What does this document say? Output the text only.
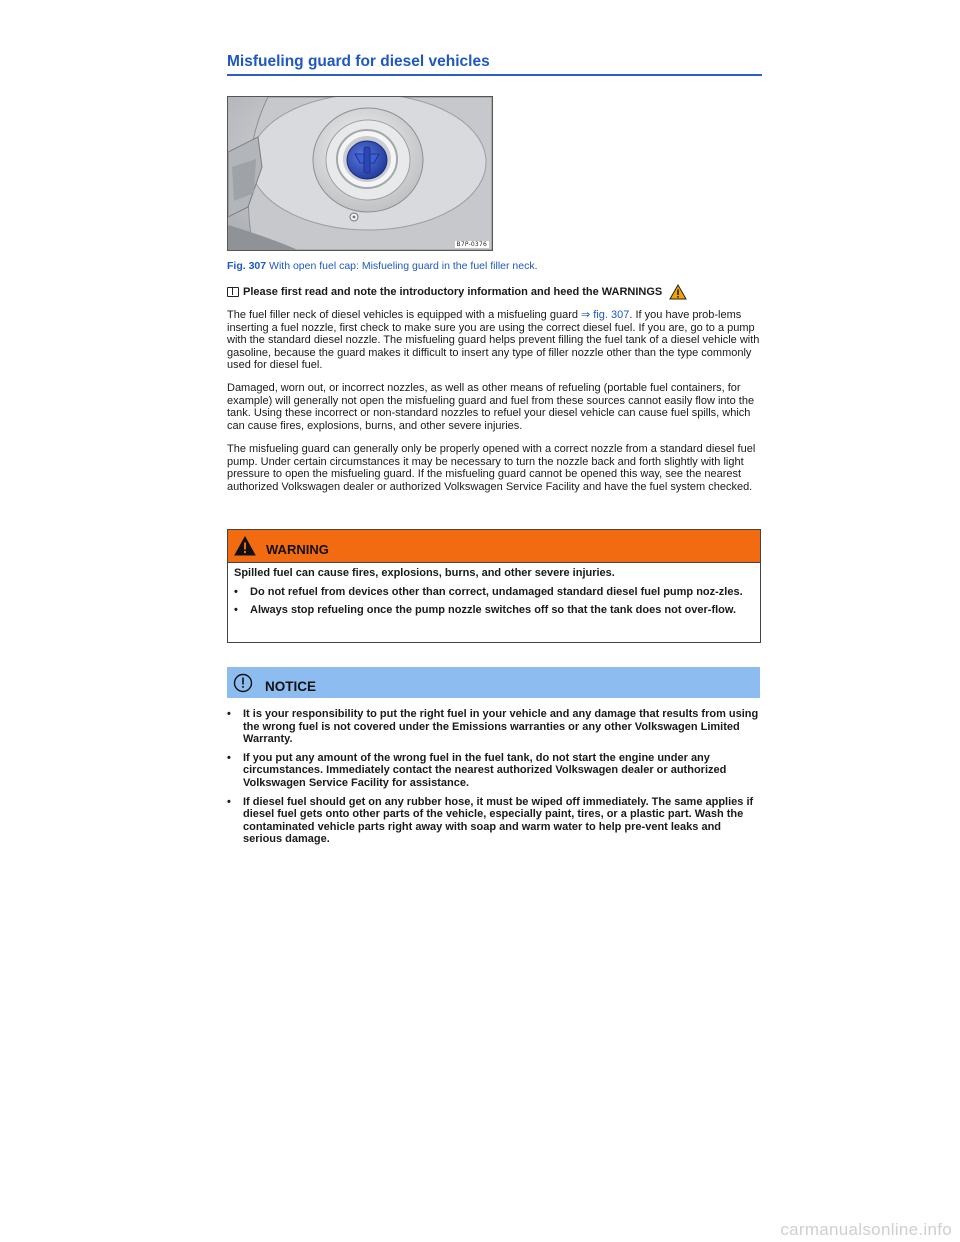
Misfueling guard for diesel vehicles
B7P-0376
Fig. 307 With open fuel cap: Misfueling guard in the fuel filler neck.
Please first read and note the introductory information and heed the WARNINGS

The fuel filler neck of diesel vehicles is equipped with a misfueling guard ⇒ fig. 307. If you have prob-lems inserting a fuel nozzle, first check to make sure you are using the correct diesel fuel. If you are, go to a pump with the standard diesel nozzle. The misfueling guard helps prevent filling the fuel tank of a diesel vehicle with gasoline, because the guard makes it difficult to insert any type of filler nozzle other than the type commonly used for diesel fuel.

Damaged, worn out, or incorrect nozzles, as well as other means of refueling (portable fuel containers, for example) will generally not open the misfueling guard and fuel from these sources cannot easily flow into the tank. Using these incorrect or non-standard nozzles to refuel your diesel vehicle can cause fuel spills, which can cause fires, explosions, burns, and other severe injuries.

The misfueling guard can generally only be properly opened with a correct nozzle from a standard diesel fuel pump. Under certain circumstances it may be necessary to turn the nozzle back and forth slightly with light pressure to open the misfueling guard. If the misfueling guard cannot be opened this way, see the nearest authorized Volkswagen dealer or authorized Volkswagen Service Facility and have the fuel system checked.

WARNING

Spilled fuel can cause fires, explosions, burns, and other severe injuries.

•	Do not refuel from devices other than correct, undamaged standard diesel fuel pump noz-zles.
•	Always stop refueling once the pump nozzle switches off so that the tank does not over-flow.
NOTICE
•	It is your responsibility to put the right fuel in your vehicle and any damage that results from using the wrong fuel is not covered under the Emissions warranties or any other Volkswagen Limited Warranty.
•	If you put any amount of the wrong fuel in the fuel tank, do not start the engine under any circumstances. Immediately contact the nearest authorized Volkswagen dealer or authorized Volkswagen Service Facility for assistance.
•	If diesel fuel should get on any rubber hose, it must be wiped off immediately. The same applies if diesel fuel gets onto other parts of the vehicle, especially paint, tires, or a plastic part. Wash the contaminated vehicle parts right away with soap and warm water to help pre-vent leaks and serious damage.
carmanualsonline.info
